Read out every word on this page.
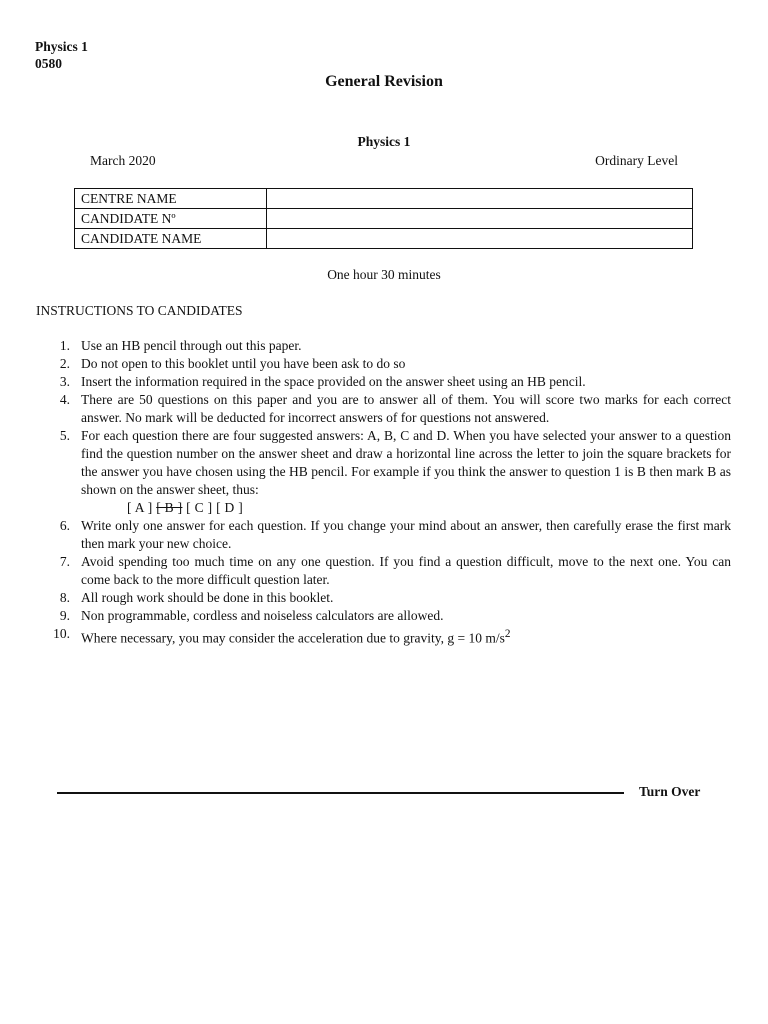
Physics 1
0580
General Revision
Physics 1
March 2020	Ordinary Level
CENTRE NAME	
CANDIDATE Nº	
CANDIDATE NAME	
One hour 30 minutes
INSTRUCTIONS TO CANDIDATES
1. Use an HB pencil through out this paper.
2. Do not open to this booklet until you have been ask to do so
3. Insert the information required in the space provided on the answer sheet using an HB pencil.
4. There are 50 questions on this paper and you are to answer all of them. You will score two marks for each correct answer. No mark will be deducted for incorrect answers of for questions not answered.
5. For each question there are four suggested answers: A, B, C and D. When you have selected your answer to a question find the question number on the answer sheet and draw a horizontal line across the letter to join the square brackets for the answer you have chosen using the HB pencil. For example if you think the answer to question 1 is B then mark B as shown on the answer sheet, thus:
[ A ] [ B ] [ C ] [ D ]
6. Write only one answer for each question. If you change your mind about an answer, then carefully erase the first mark then mark your new choice.
7. Avoid spending too much time on any one question. If you find a question difficult, move to the next one. You can come back to the more difficult question later.
8. All rough work should be done in this booklet.
9. Non programmable, cordless and noiseless calculators are allowed.
10. Where necessary, you may consider the acceleration due to gravity, g = 10 $m/s^2$
Turn Over
